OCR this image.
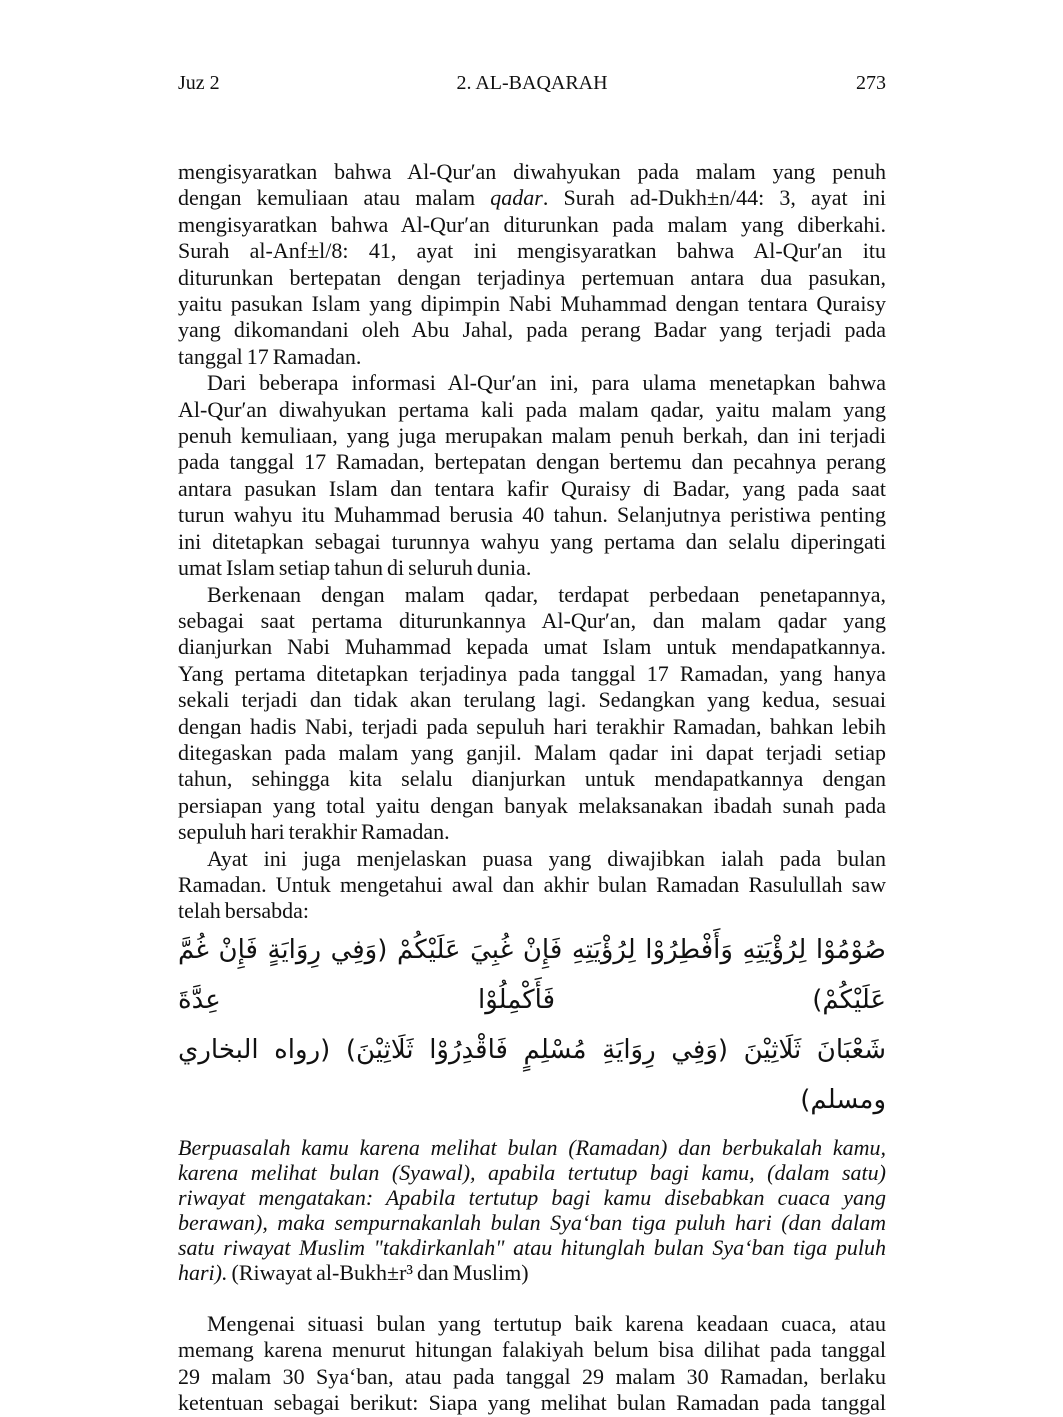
Juz 2	2. AL-BAQARAH	273
mengisyaratkan bahwa Al-Qur′an diwahyukan pada malam yang penuh
dengan kemuliaan atau malam qadar. Surah ad-Dukh±n/44: 3, ayat ini
mengisyaratkan bahwa Al-Qur′an diturunkan pada malam yang diberkahi.
Surah al-Anf±l/8: 41, ayat ini mengisyaratkan bahwa Al-Qur′an itu
diturunkan bertepatan dengan terjadinya pertemuan antara dua pasukan,
yaitu pasukan Islam yang dipimpin Nabi Muhammad dengan tentara Quraisy
yang dikomandani oleh Abu Jahal, pada perang Badar yang terjadi pada
tanggal 17 Ramadan.
Dari beberapa informasi Al-Qur′an ini, para ulama menetapkan bahwa
Al-Qur′an diwahyukan pertama kali pada malam qadar, yaitu malam yang
penuh kemuliaan, yang juga merupakan malam penuh berkah, dan ini terjadi
pada tanggal 17 Ramadan, bertepatan dengan bertemu dan pecahnya perang
antara pasukan Islam dan tentara kafir Quraisy di Badar, yang pada saat
turun wahyu itu Muhammad berusia 40 tahun. Selanjutnya peristiwa penting
ini ditetapkan sebagai turunnya wahyu yang pertama dan selalu diperingati
umat Islam setiap tahun di seluruh dunia.
Berkenaan dengan malam qadar, terdapat perbedaan penetapannya,
sebagai saat pertama diturunkannya Al-Qur′an, dan malam qadar yang
dianjurkan Nabi Muhammad kepada umat Islam untuk mendapatkannya.
Yang pertama ditetapkan terjadinya pada tanggal 17 Ramadan, yang hanya
sekali terjadi dan tidak akan terulang lagi. Sedangkan yang kedua, sesuai
dengan hadis Nabi, terjadi pada sepuluh hari terakhir Ramadan, bahkan lebih
ditegaskan pada malam yang ganjil. Malam qadar ini dapat terjadi setiap
tahun, sehingga kita selalu dianjurkan untuk mendapatkannya dengan
persiapan yang total yaitu dengan banyak melaksanakan ibadah sunah pada
sepuluh hari terakhir Ramadan.
Ayat ini juga menjelaskan puasa yang diwajibkan ialah pada bulan
Ramadan. Untuk mengetahui awal dan akhir bulan Ramadan Rasulullah saw
telah bersabda:
صُوْمُوْا لِرُؤْيَتِهِ وَأَفْطِرُوْا لِرُؤْيَتِهِ فَإِنْ غُبِيَ عَلَيْكُمْ (وَفِي رِوَايَةٍ فَإِنْ غُمَّ عَلَيْكُمْ) فَأَكْمِلُوْا عِدَّةَ
شَعْبَانَ ثَلَاثِيْنَ (وَفِي رِوَايَةِ مُسْلِمٍ فَاقْدِرُوْا ثَلَاثِيْنَ) (رواه البخاري ومسلم)
Berpuasalah kamu karena melihat bulan (Ramadan) dan berbukalah kamu,
karena melihat bulan (Syawal), apabila tertutup bagi kamu, (dalam satu)
riwayat mengatakan: Apabila tertutup bagi kamu disebabkan cuaca yang
berawan), maka sempurnakanlah bulan Sya‘ban tiga puluh hari (dan dalam
satu riwayat Muslim "takdirkanlah" atau hitunglah bulan Sya‘ban tiga puluh
hari). (Riwayat al-Bukh±r³ dan Muslim)
Mengenai situasi bulan yang tertutup baik karena keadaan cuaca, atau
memang karena menurut hitungan falakiyah belum bisa dilihat pada tanggal
29 malam 30 Sya‘ban, atau pada tanggal 29 malam 30 Ramadan, berlaku
ketentuan sebagai berikut: Siapa yang melihat bulan Ramadan pada tanggal
